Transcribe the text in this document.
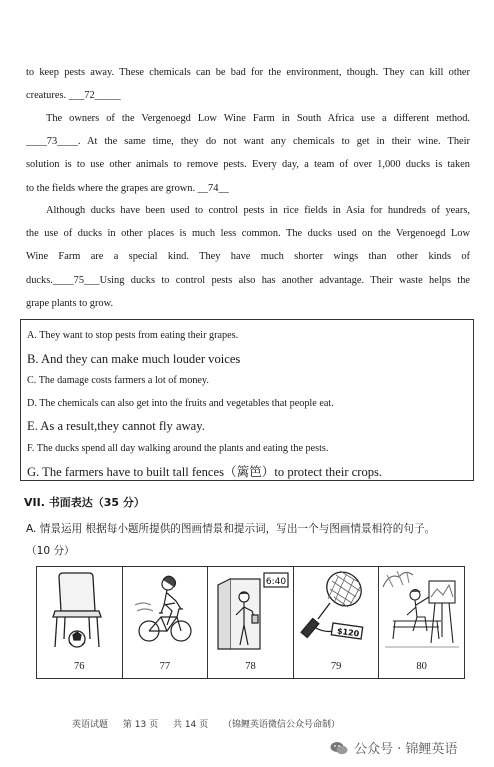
to keep pests away. These chemicals can be bad for the environment, though. They can kill other
creatures. ___72_____
The owners of the Vergenoegd Low Wine Farm in South Africa use a different method.
____73____. At the same time, they do not want any chemicals to get in their wine. Their
solution is to use other animals to remove pests. Every day, a team of over 1,000 ducks is taken
to the fields where the grapes are grown. __74__
Although ducks have been used to control pests in rice fields in Asia for hundreds of years,
the use of ducks in other places is much less common. The ducks used on the Vergenoegd Low
Wine Farm are a special kind. They have much shorter wings than other kinds of
ducks.____75___Using ducks to control pests also has another advantage. Their waste helps the
grape plants to grow.
A. They want to stop pests from eating their grapes.
B. And they can make much louder voices
C. The damage costs farmers a lot of money.
D. The chemicals can also get into the fruits and vegetables that people eat.
E. As a result,they cannot fly away.
F. The ducks spend all day walking around the plants and eating the pests.
G. The farmers have to built tall fences（篱笆）to protect their crops.
VII. 书面表达（35 分）
A. 情景运用 根据每小题所提供的图画情景和提示词，写出一个与图画情景相符的句子。
（10 分）
76	77
6:40
78
$120
79	80
英语试题 第 13 页 共 14 页 （锦鲤英语微信公众号命制）
公众号 · 锦鲤英语
